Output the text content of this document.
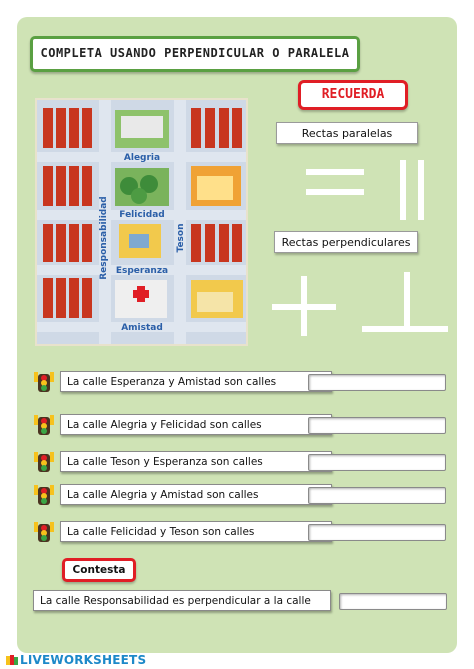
COMPLETA USANDO PERPENDICULAR O PARALELA
RECUERDA
Alegria
Felicidad
Teson
Responsabilidad Esperanza
Amistad
Rectas paralelas
Rectas perpendiculares
La calle Esperanza y Amistad son calles
La calle Alegria y Felicidad son calles
La calle Teson y Esperanza son calles
La calle Alegria y Amistad son calles
La calle Felicidad y Teson son calles
Contesta
La calle Responsabilidad es perpendicular a la calle
LIVEWORKSHEETS
